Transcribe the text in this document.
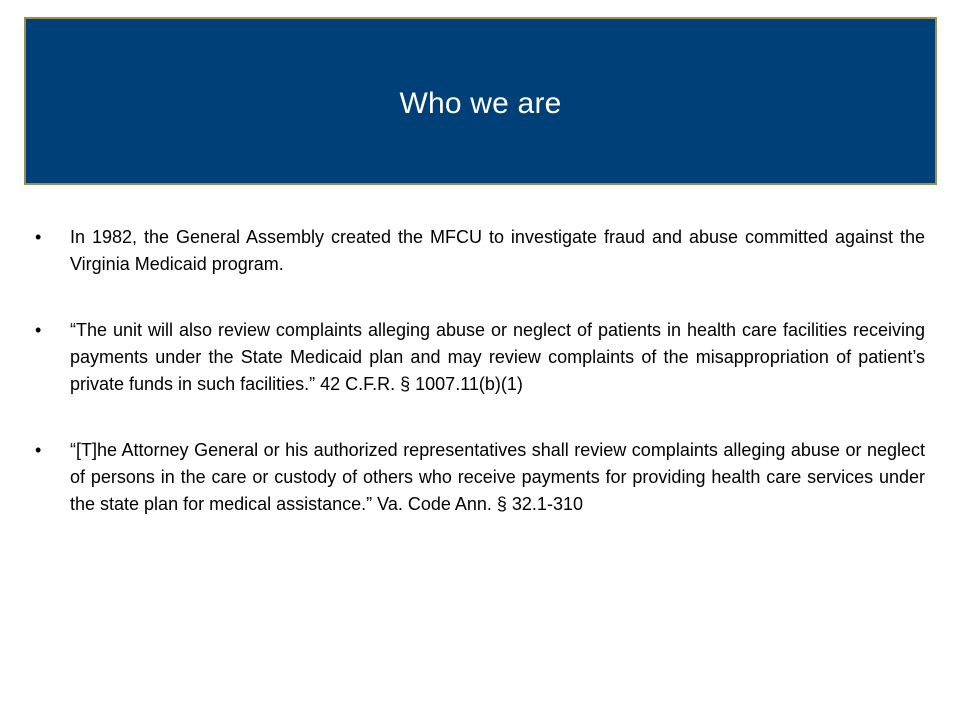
Who we are
•	In 1982, the General Assembly created the MFCU to investigate fraud and abuse committed against the Virginia Medicaid program.
•	“The unit will also review complaints alleging abuse or neglect of patients in health care facilities receiving payments under the State Medicaid plan and may review complaints of the misappropriation of patient’s private funds in such facilities.” 42 C.F.R. § 1007.11(b)(1)
•	“[T]he Attorney General or his authorized representatives shall review complaints alleging abuse or neglect of persons in the care or custody of others who receive payments for providing health care services under the state plan for medical assistance.” Va. Code Ann. § 32.1-310
